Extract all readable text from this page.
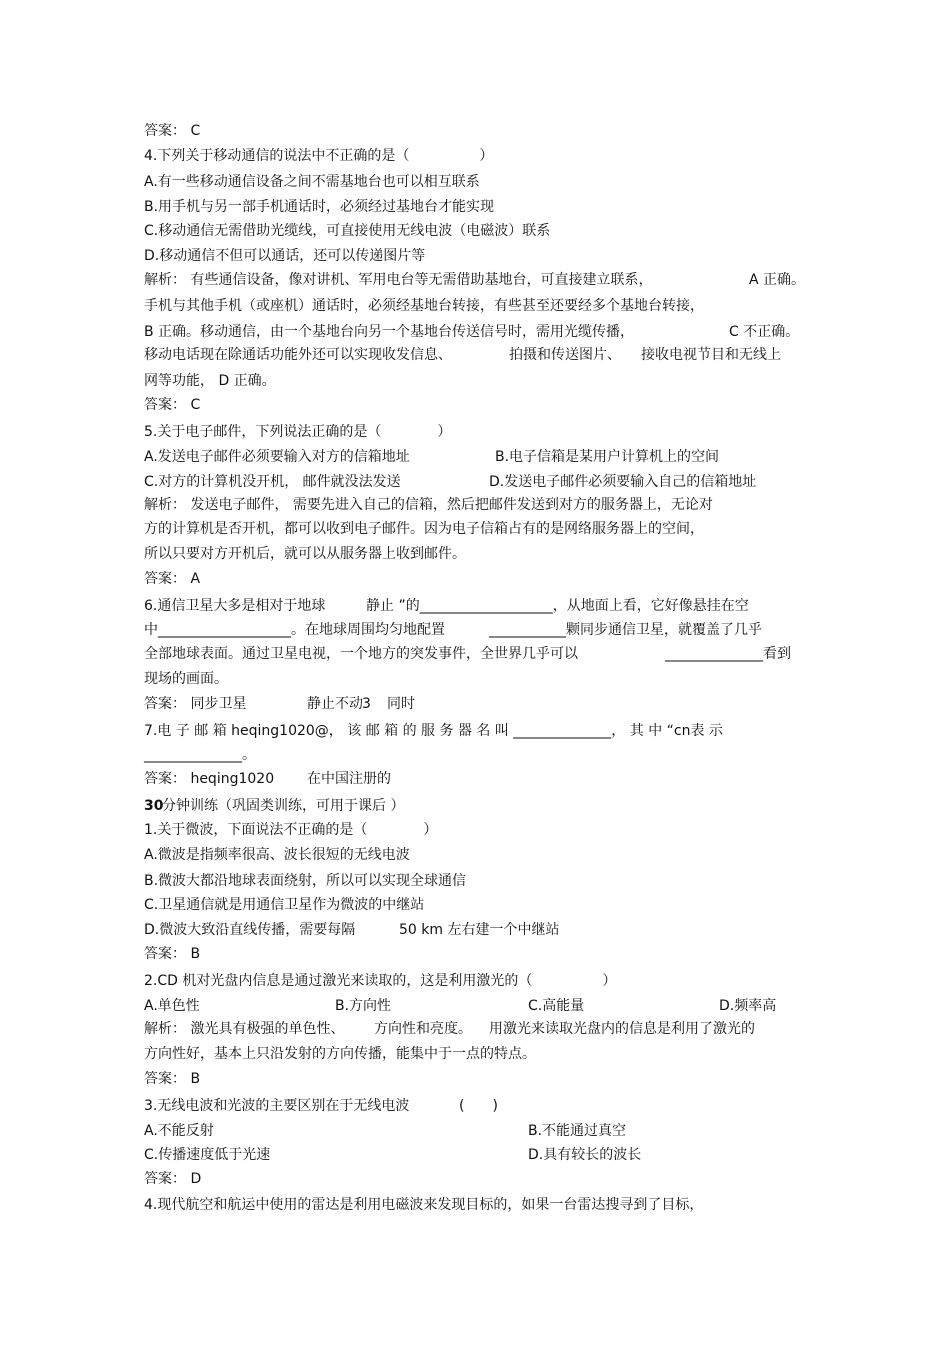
答案： C

4.下列关于移动通信的说法中不正确的是（　　　　　）

A.有一些移动通信设备之间不需基地台也可以相互联系

B.用手机与另一部手机通话时，必须经过基地台才能实现

C.移动通信无需借助光缆线，可直接使用无线电波（电磁波）联系

D.移动通信不但可以通话，还可以传递图片等

解析： 有些通信设备，像对讲机、军用电台等无需借助基地台，可直接建立联系，	A 正确。

手机与其他手机（或座机）通话时，必须经基地台转接，有些甚至还要经多个基地台转接，

B 正确。移动通信，由一个基地台向另一个基地台传送信号时，需用光缆传播，	C 不正确。
移动电话现在除通话功能外还可以实现收发信息、	拍摄和传送图片、 接收电视节目和无线上

网等功能， D 正确。

答案： C

5.关于电子邮件，下列说法正确的是（　　　　）

A.发送电子邮件必须要输入对方的信箱地址	B.电子信箱是某用户计算机上的空间
C.对方的计算机没开机， 邮件就没法发送	D.发送电子邮件必须要输入自己的信箱地址

解析： 发送电子邮件， 需要先进入自己的信箱，然后把邮件发送到对方的服务器上，无论对

方的计算机是否开机，都可以收到电子邮件。因为电子信箱占有的是网络服务器上的空间，

所以只要对方开机后，就可以从服务器上收到邮件。

答案： A

6.通信卫星大多是相对于地球	静止 ”的___________________，从地面上看，它好像悬挂在空
中___________________。在地球周围均匀地配置	___________颗同步通信卫星，就覆盖了几乎
全部地球表面。通过卫星电视，一个地方的突发事件，全世界几乎可以	______________看到

现场的画面。

答案： 同步卫星	静止不动 3 同时

7.电 子 邮 箱 heqing1020@， 该 邮 箱 的 服 务 器 名 叫 ______________， 其 中 “cn表 示

______________。

答案： heqing1020 在中国注册的
30
分钟训练（巩固类训练，可用于课后 ）

1.关于微波，下面说法不正确的是（　　　　）

A.微波是指频率很高、波长很短的无线电波

B.微波大都沿地球表面绕射，所以可以实现全球通信

C.卫星通信就是用通信卫星作为微波的中继站

D.微波大致沿直线传播，需要每隔	50 km 左右建一个中继站

答案： B

2.CD 机对光盘内信息是通过激光来读取的，这是利用激光的（　　　　　）

A.单色性	B.方向性	C.高能量	D.频率高
解析： 激光具有极强的单色性、 方向性和亮度。 用激光来读取光盘内的信息是利用了激光的

方向性好，基本上只沿发射的方向传播，能集中于一点的特点。

答案： B

3.无线电波和光波的主要区别在于无线电波	(　　)
A.不能反射	B.不能通过真空
C.传播速度低于光速	D.具有较长的波长

答案： D

4.现代航空和航运中使用的雷达是利用电磁波来发现目标的，如果一台雷达搜寻到了目标，
